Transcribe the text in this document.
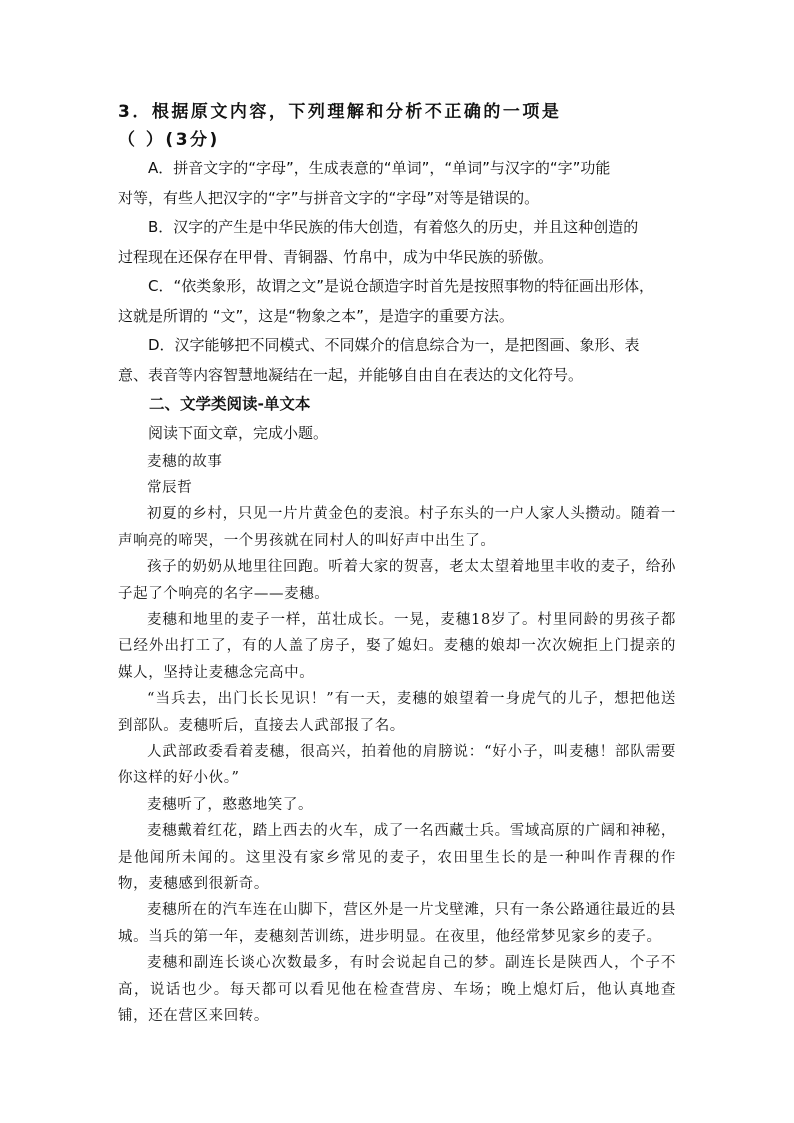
3．根据原文内容，下列理解和分析不正确的一项是

（ ）(3分)

A．拼音文字的“字母”，生成表意的“单词”，“单词”与汉字的“字”功能

对等，有些人把汉字的“字”与拼音文字的“字母”对等是错误的。

B．汉字的产生是中华民族的伟大创造，有着悠久的历史，并且这种创造的

过程现在还保存在甲骨、青铜器、竹帛中，成为中华民族的骄傲。

C．“依类象形，故谓之文”是说仓颉造字时首先是按照事物的特征画出形体，

这就是所谓的 “文”，这是“物象之本”，是造字的重要方法。

D．汉字能够把不同模式、不同媒介的信息综合为一，是把图画、象形、表

意、表音等内容智慧地凝结在一起，并能够自由自在表达的文化符号。

二、文学类阅读-单文本

阅读下面文章，完成小题。

麦穗的故事

常辰哲

初夏的乡村，只见一片片黄金色的麦浪。村子东头的一户人家人头攒动。随着一声响亮的啼哭，一个男孩就在同村人的叫好声中出生了。

孩子的奶奶从地里往回跑。听着大家的贺喜，老太太望着地里丰收的麦子，给孙子起了个响亮的名字——麦穗。

麦穗和地里的麦子一样，茁壮成长。一晃，麦穗18岁了。村里同龄的男孩子都已经外出打工了，有的人盖了房子，娶了媳妇。麦穗的娘却一次次婉拒上门提亲的媒人，坚持让麦穗念完高中。

“当兵去，出门长长见识！”有一天，麦穗的娘望着一身虎气的儿子，想把他送到部队。麦穗听后，直接去人武部报了名。

人武部政委看着麦穗，很高兴，拍着他的肩膀说：“好小子，叫麦穗！部队需要你这样的好小伙。”

麦穗听了，憨憨地笑了。

麦穗戴着红花，踏上西去的火车，成了一名西藏士兵。雪域高原的广阔和神秘，是他闻所未闻的。这里没有家乡常见的麦子，农田里生长的是一种叫作青稞的作物，麦穗感到很新奇。

麦穗所在的汽车连在山脚下，营区外是一片戈壁滩，只有一条公路通往最近的县城。当兵的第一年，麦穗刻苦训练，进步明显。在夜里，他经常梦见家乡的麦子。

麦穗和副连长谈心次数最多，有时会说起自己的梦。副连长是陕西人，个子不高，说话也少。每天都可以看见他在检查营房、车场；晚上熄灯后，他认真地查铺，还在营区来回转。
